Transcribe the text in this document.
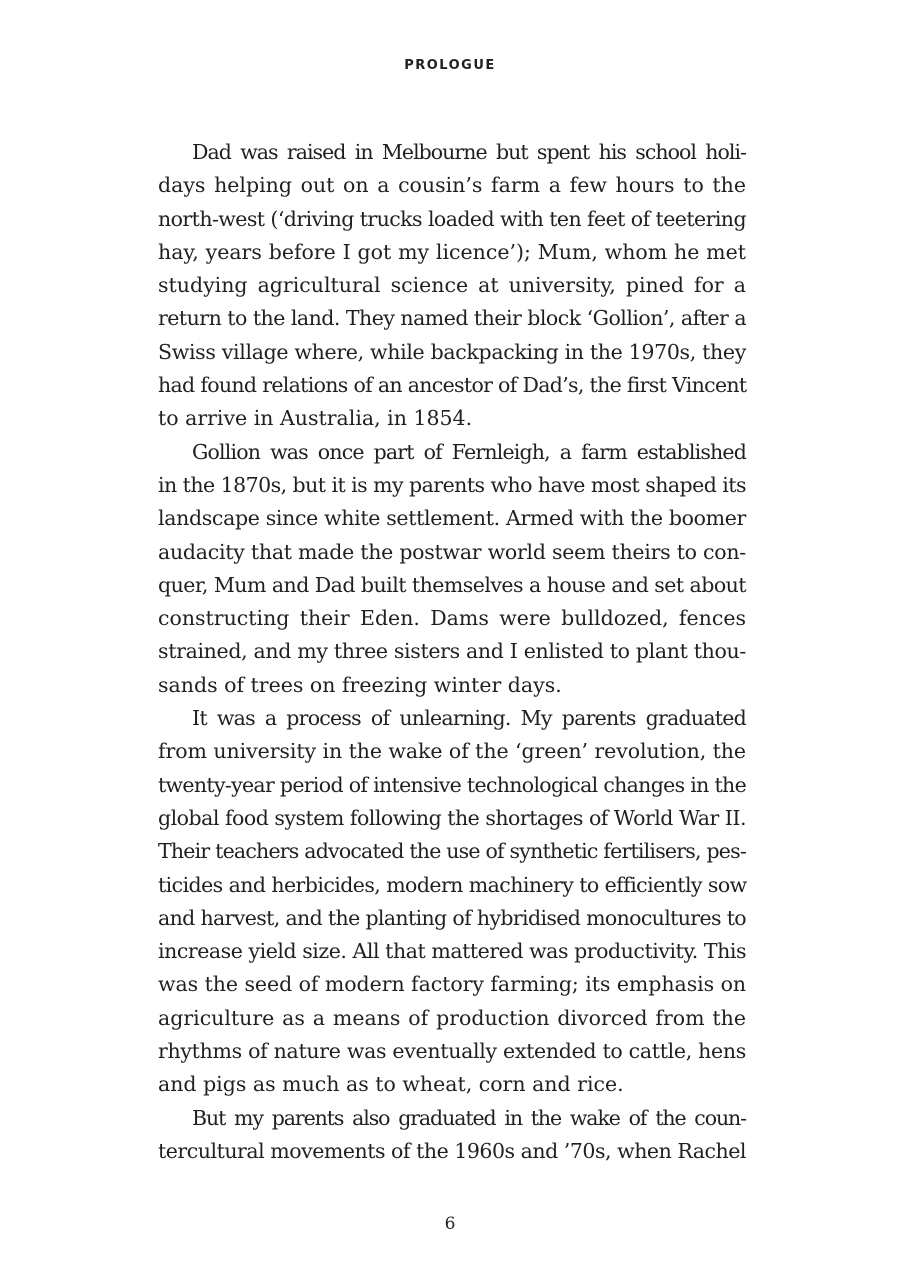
PROLOGUE

Dad was raised in Melbourne but spent his school holi-
days helping out on a cousin’s farm a few hours to the
north-west (‘driving trucks loaded with ten feet of teetering
hay, years before I got my licence’); Mum, whom he met
studying agricultural science at university, pined for a
return to the land. They named their block ‘Gollion’, after a
Swiss village where, while backpacking in the 1970s, they
had found relations of an ancestor of Dad’s, the first Vincent
to arrive in Australia, in 1854.

Gollion was once part of Fernleigh, a farm established
in the 1870s, but it is my parents who have most shaped its
landscape since white settlement. Armed with the boomer
audacity that made the postwar world seem theirs to con-
quer, Mum and Dad built themselves a house and set about
constructing their Eden. Dams were bulldozed, fences
strained, and my three sisters and I enlisted to plant thou-
sands of trees on freezing winter days.

It was a process of unlearning. My parents graduated
from university in the wake of the ‘green’ revolution, the
twenty-year period of intensive technological changes in the
global food system following the shortages of World War II.
Their teachers advocated the use of synthetic fertilisers, pes-
ticides and herbicides, modern machinery to efficiently sow
and harvest, and the planting of hybridised monocultures to
increase yield size. All that mattered was productivity. This
was the seed of modern factory farming; its emphasis on
agriculture as a means of production divorced from the
rhythms of nature was eventually extended to cattle, hens
and pigs as much as to wheat, corn and rice.

But my parents also graduated in the wake of the coun-
tercultural movements of the 1960s and ’70s, when Rachel

6
